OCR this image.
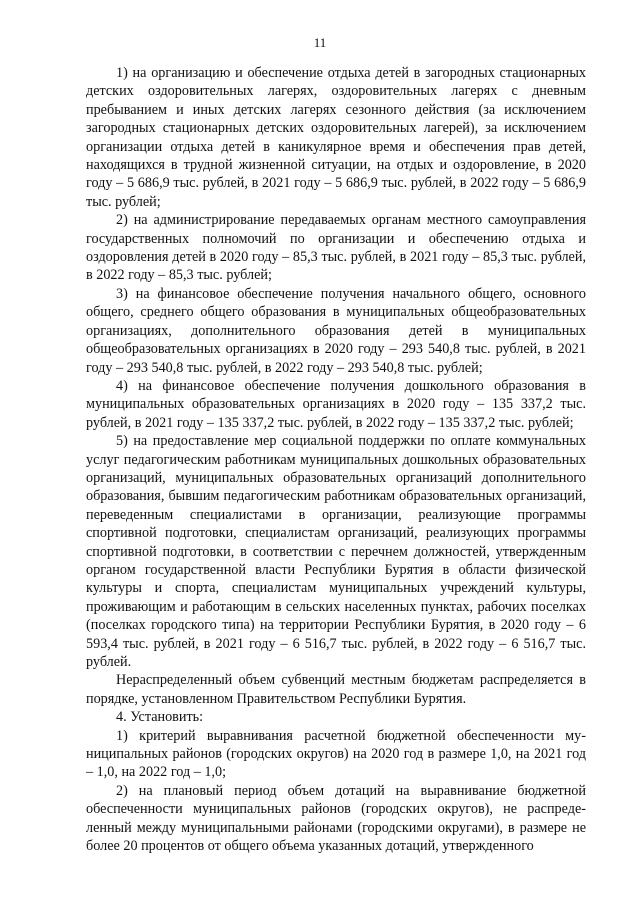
11

1) на организацию и обеспечение отдыха детей в загородных стационарных детских оздоровительных лагерях, оздоровительных лагерях с дневным пребыванием и иных детских лагерях сезонного действия (за исключением загородных стационарных детских оздоровительных лагерей), за исключением организации отдыха детей в каникулярное время и обеспечения прав детей, находящихся в трудной жизненной ситуации, на отдых и оздоровление, в 2020 году – 5 686,9 тыс. рублей, в 2021 году – 5 686,9 тыс. рублей, в 2022 году – 5 686,9 тыс. рублей;

2) на администрирование передаваемых органам местного самоуправления государственных полномочий по организации и обеспечению отдыха и оздоровления детей в 2020 году – 85,3 тыс. рублей, в 2021 году – 85,3 тыс. рублей, в 2022 году – 85,3 тыс. рублей;

3) на финансовое обеспечение получения начального общего, основного общего, среднего общего образования в муниципальных общеобразовательных организациях, дополнительного образования детей в муниципальных общеобразовательных организациях в 2020 году – 293 540,8 тыс. рублей, в 2021 году – 293 540,8 тыс. рублей, в 2022 году – 293 540,8 тыс. рублей;

4) на финансовое обеспечение получения дошкольного образования в муниципальных образовательных организациях в 2020 году – 135 337,2 тыс. рублей, в 2021 году – 135 337,2 тыс. рублей, в 2022 году – 135 337,2 тыс. рублей;

5) на предоставление мер социальной поддержки по оплате коммунальных услуг педагогическим работникам муниципальных дошкольных образовательных организаций, муниципальных образовательных организаций дополнительного образования, бывшим педагогическим работникам образовательных организаций, переведенным специалистами в организации, реализующие программы спортивной подготовки, специалистам организаций, реализующих программы спортивной подготовки, в соответствии с перечнем должностей, утвержденным органом государственной власти Республики Бурятия в области физической культуры и спорта, специалистам муниципальных учреждений культуры, проживающим и работающим в сельских населенных пунктах, рабочих поселках (поселках городского типа) на территории Республики Бурятия, в 2020 году – 6 593,4 тыс. рублей, в 2021 году – 6 516,7 тыс. рублей, в 2022 году – 6 516,7 тыс. рублей.

Нераспределенный объем субвенций местным бюджетам распределяется в порядке, установленном Правительством Республики Бурятия.

4. Установить:

1) критерий выравнивания расчетной бюджетной обеспеченности муниципальных районов (городских округов) на 2020 год в размере 1,0, на 2021 год – 1,0, на 2022 год – 1,0;

2) на плановый период объем дотаций на выравнивание бюджетной обеспеченности муниципальных районов (городских округов), не распределенный между муниципальными районами (городскими округами), в размере не более 20 процентов от общего объема указанных дотаций, утвержденного
